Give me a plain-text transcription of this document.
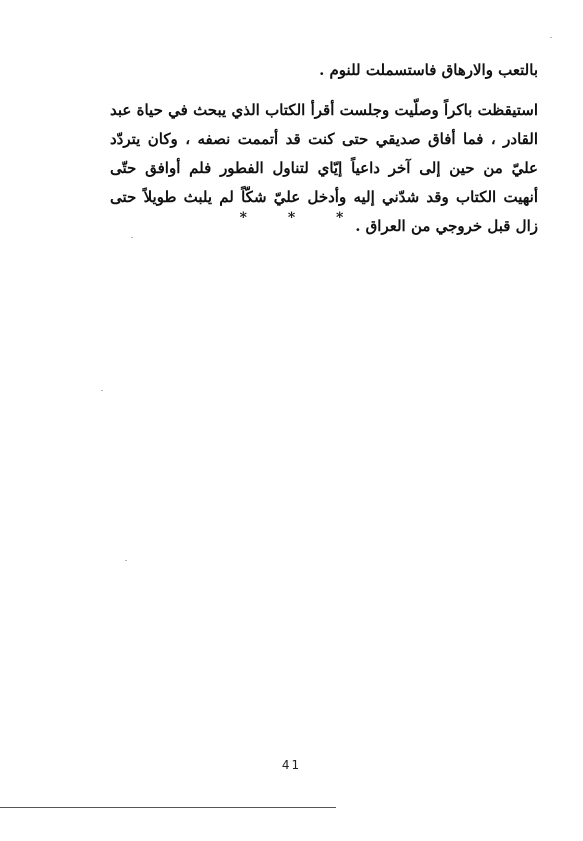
بالتعب والارهاق فاستسملت للنوم .

استيقظت باكراً وصلّيت وجلست أقرأ الكتاب الذي يبحث في حياة عبد القادر ، فما أفاق صديقي حتى كنت قد أتممت نصفه ، وكان يتردّد عليّ من حين إلى آخر داعياً إيّاي لتناول الفطور فلم أوافق حتّى أنهيت الكتاب وقد شدّني إليه وأدخل عليّ شكّاً لم يلبث طويلاً حتى زال قبل خروجي من العراق .

* * *
41
